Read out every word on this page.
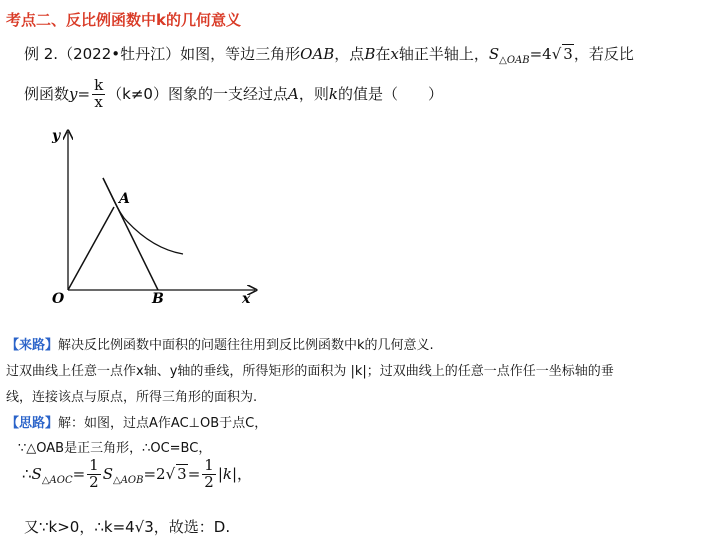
考点二、反比例函数中k的几何意义
例 2.（2022•牡丹江）如图，等边三角形OAB，点B在x轴正半轴上，$S_{\triangle OAB}=4√$ 3，若反比
例函数$y= \frac{k}{x} (k\ne 0)$图象的一支经过点A，则k的值是（　　）
y
x
O
A
B
【来路】解决反比例函数中面积的问题往往用到反比例函数中k的几何意义.
过双曲线上任意一点作x轴、y轴的垂线，所得矩形的面积为 |k|；过双曲线上的任意一点作任一坐标轴的垂
线，连接该点与原点，所得三角形的面积为.
【思路】解：如图，过点A作AC⊥OB于点C，
∵△OAB是正三角形，∴OC=BC，
$\therefore S_{\triangle AOC}= \frac{1}{2} S_{\triangle AOB}=2√$ $3= \frac{1}{2} |k|$，
又∵k>0，∴k=4√3，故选：D.
